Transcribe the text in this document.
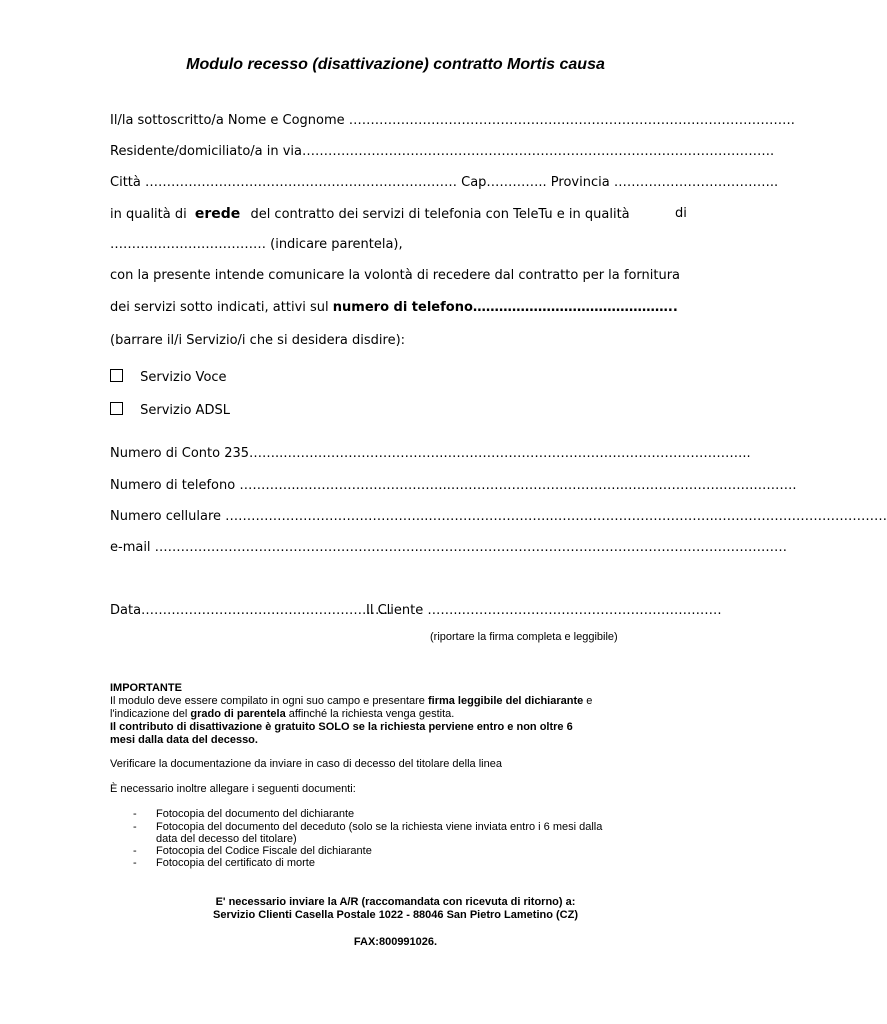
Modulo recesso (disattivazione) contratto Mortis causa
Il/la sottoscritto/a Nome e Cognome ………………………………………………………………………………………….
Residente/domiciliato/a in via……………………………………………………………………………………………….
Città ……………………………………………………………… Cap………….. Provincia ………………………………..
in qualità di erede del contratto dei servizi di telefonia con TeleTu e in qualità	di
……………………………… (indicare parentela),
con la presente intende comunicare la volontà di recedere dal contratto per la fornitura
dei servizi sotto indicati, attivi sul numero di telefono………………………………………..
(barrare il/i Servizio/i che si desidera disdire):
Servizio Voce
Servizio ADSL
Numero di Conto 235……..……………………………….……………………………………………………………..
Numero di telefono …………..……………………………..…………………………………..………………….…….……….
Numero cellulare ………………………………………..………………………..………………………………..…………………………………
e-mail ……………………………………………………..…………………………………………………………………………
Data………………………………………………….
Il Cliente ……..……………………………………………………
(riportare la firma completa e leggibile)
IMPORTANTE
Il modulo deve essere compilato in ogni suo campo e presentare firma leggibile del dichiarante e
l'indicazione del grado di parentela affinché la richiesta venga gestita.
Il contributo di disattivazione è gratuito SOLO se la richiesta perviene entro e non oltre 6
mesi dalla data del decesso.
Verificare la documentazione da inviare in caso di decesso del titolare della linea
È necessario inoltre allegare i seguenti documenti:
- Fotocopia del documento del dichiarante
- Fotocopia del documento del deceduto (solo se la richiesta viene inviata entro i 6 mesi dalla
data del decesso del titolare)
- Fotocopia del Codice Fiscale del dichiarante
- Fotocopia del certificato di morte
E' necessario inviare la A/R (raccomandata con ricevuta di ritorno) a:
Servizio Clienti Casella Postale 1022 - 88046 San Pietro Lametino (CZ)
FAX:800991026.
